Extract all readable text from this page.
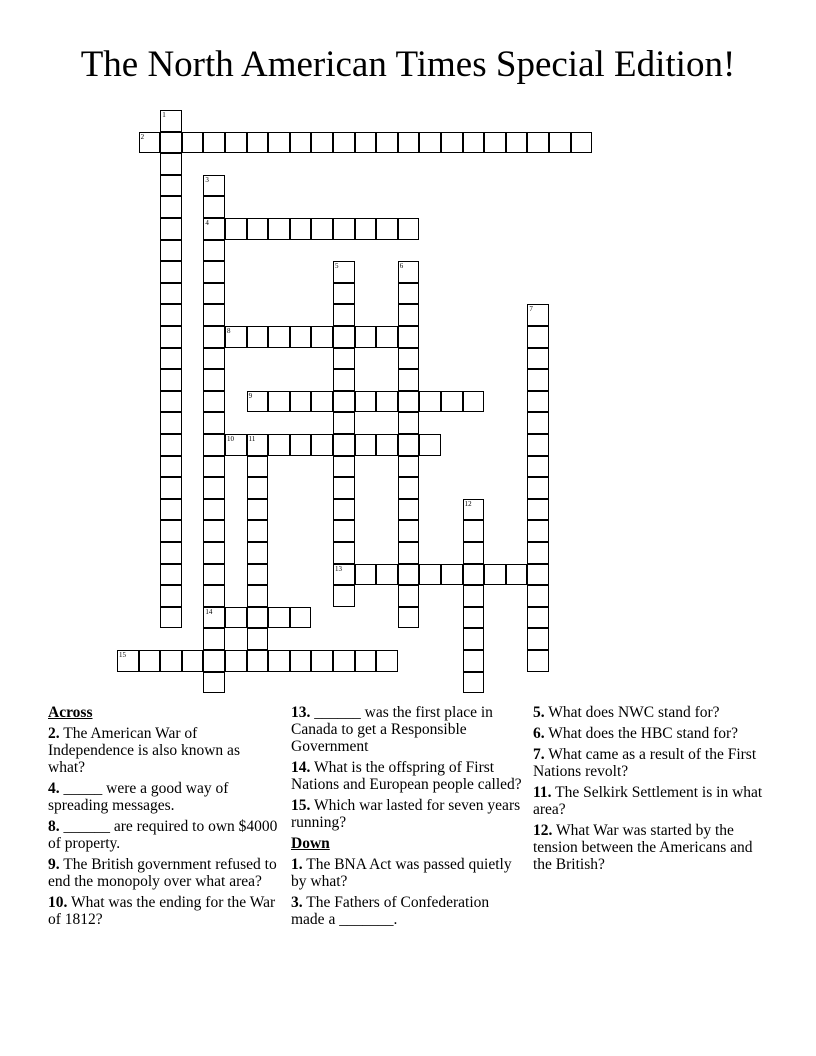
The North American Times Special Edition!
1
2
3
4
14
5
13
6
7
8
9
10 11
12
15
Across
2. The American War of Independence is also known as what?
4. _____ were a good way of spreading messages.
8. ______ are required to own $4000 of property.
9. The British government refused to end the monopoly over what area?
10. What was the ending for the War of 1812?
13. ______ was the first place in Canada to get a Responsible Government
14. What is the offspring of First Nations and European people called?
15. Which war lasted for seven years running?
Down
1. The BNA Act was passed quietly by what?
3. The Fathers of Confederation made a _______.
5. What does NWC stand for?
6. What does the HBC stand for?
7. What came as a result of the First Nations revolt?
11. The Selkirk Settlement is in what area?
12. What War was started by the tension between the Americans and the British?
